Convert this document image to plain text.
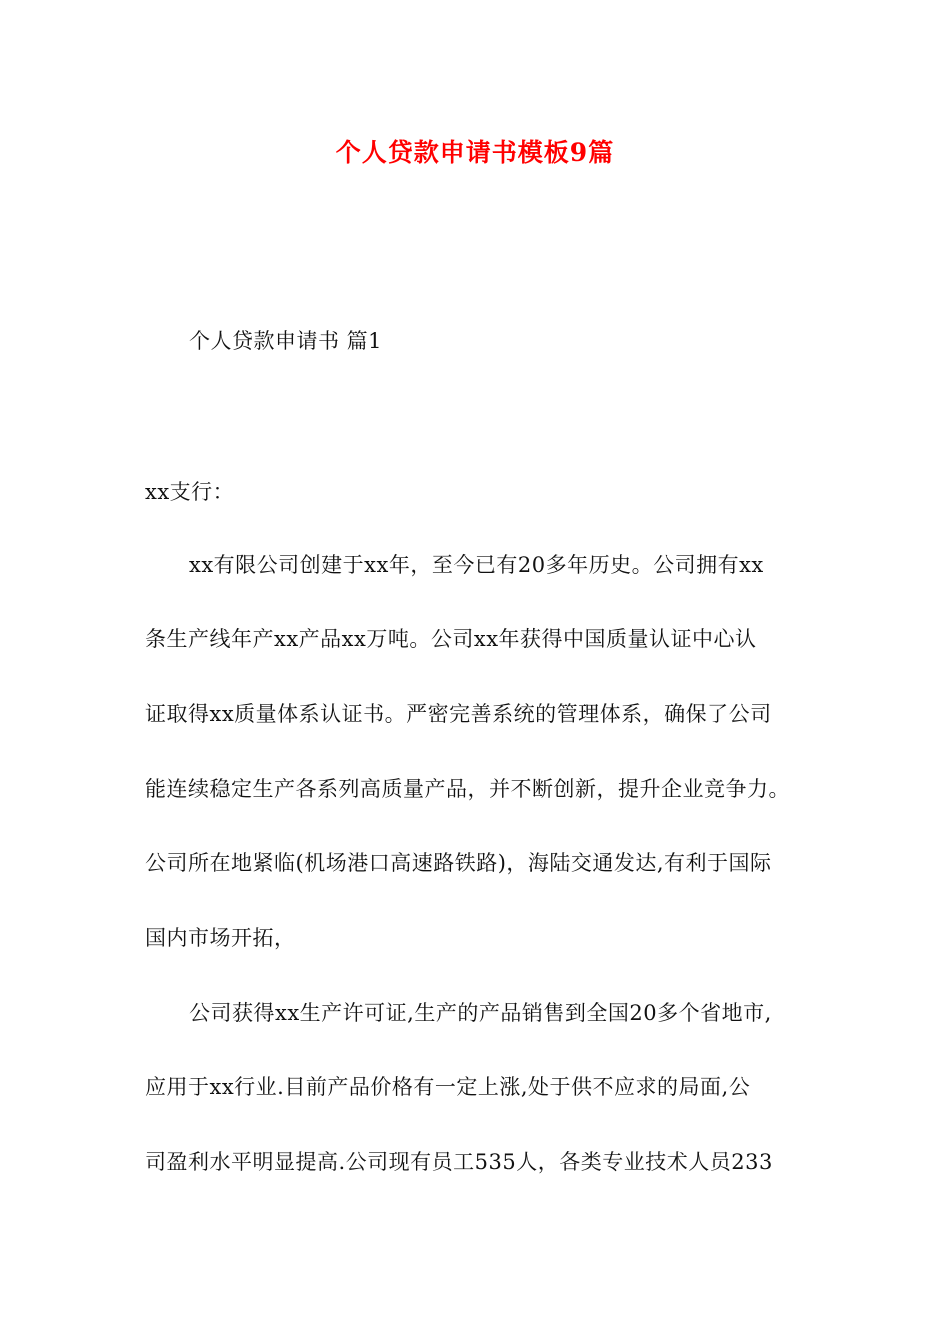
个人贷款申请书模板9篇
个人贷款申请书 篇1
xx支行：
xx有限公司创建于xx年，至今已有20多年历史。公司拥有xx
条生产线年产xx产品xx万吨。公司xx年获得中国质量认证中心认
证取得xx质量体系认证书。严密完善系统的管理体系，确保了公司
能连续稳定生产各系列高质量产品，并不断创新，提升企业竞争力。
公司所在地紧临(机场港口高速路铁路)，海陆交通发达,有利于国际
国内市场开拓，
公司获得xx生产许可证,生产的产品销售到全国20多个省地市,
应用于xx行业.目前产品价格有一定上涨,处于供不应求的局面,公
司盈利水平明显提高.公司现有员工535人，各类专业技术人员233
